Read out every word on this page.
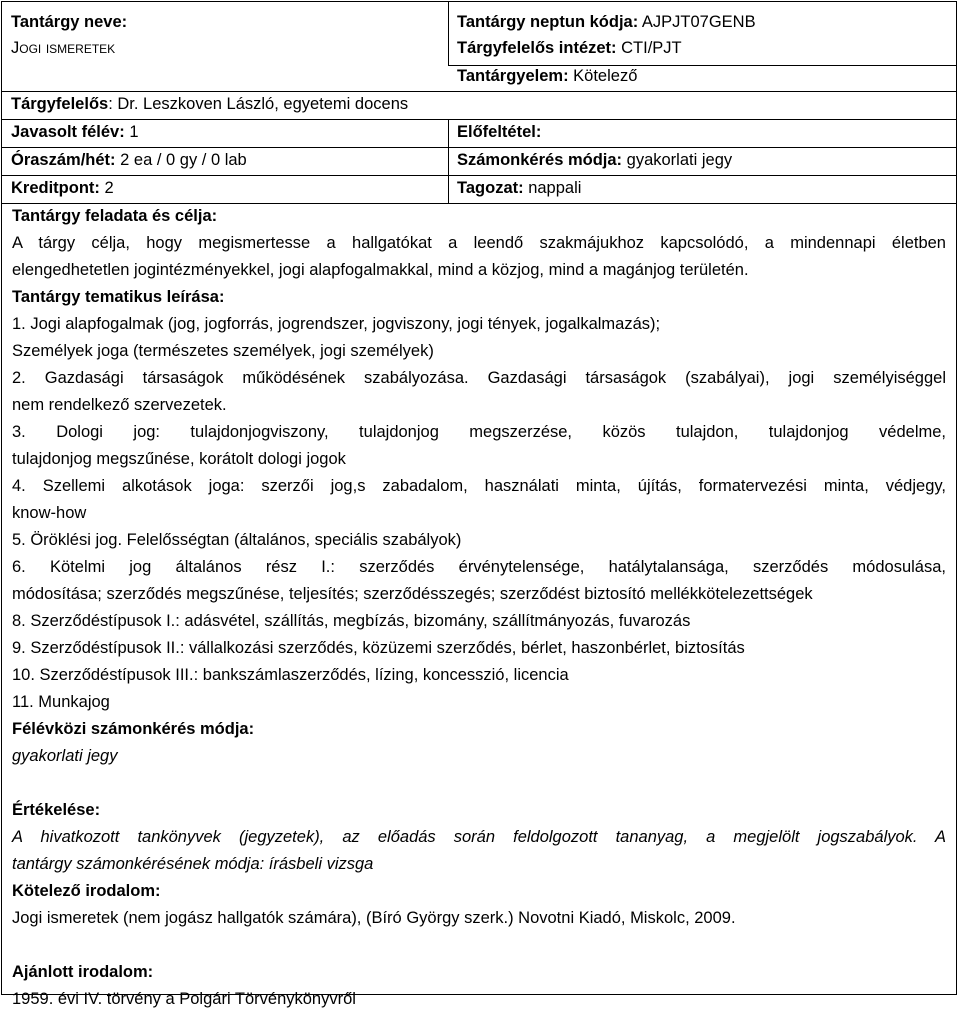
Tantárgy neve:
Jogi ismeretek
Tantárgy neptun kódja: AJPJT07GENB
Tárgyfelelős intézet: CTI/PJT
Tantárgyelem: Kötelező
Tárgyfelelős: Dr. Leszkoven László, egyetemi docens
Javasolt félév: 1	Előfeltétel:
Óraszám/hét: 2 ea / 0 gy / 0 lab	Számonkérés módja: gyakorlati jegy
Kreditpont: 2	Tagozat: nappali
Tantárgy feladata és célja:
A tárgy célja, hogy megismertesse a hallgatókat a leendő szakmájukhoz kapcsolódó, a mindennapi életben
elengedhetetlen jogintézményekkel, jogi alapfogalmakkal, mind a közjog, mind a magánjog területén.
Tantárgy tematikus leírása:
1. Jogi alapfogalmak (jog, jogforrás, jogrendszer, jogviszony, jogi tények, jogalkalmazás);
Személyek joga (természetes személyek, jogi személyek)
2. Gazdasági társaságok működésének szabályozása. Gazdasági társaságok (szabályai), jogi személyiséggel
nem rendelkező szervezetek.
3. Dologi jog: tulajdonjogviszony, tulajdonjog megszerzése, közös tulajdon, tulajdonjog védelme,
tulajdonjog megszűnése, korátolt dologi jogok
4. Szellemi alkotások joga: szerzői jog,s zabadalom, használati minta, újítás, formatervezési minta, védjegy,
know-how
5. Öröklési jog. Felelősségtan (általános, speciális szabályok)
6. Kötelmi jog általános rész I.: szerződés érvénytelensége, hatálytalansága, szerződés módosulása,
módosítása; szerződés megszűnése, teljesítés; szerződésszegés; szerződést biztosító mellékkötelezettségek
8. Szerződéstípusok I.: adásvétel, szállítás, megbízás, bizomány, szállítmányozás, fuvarozás
9. Szerződéstípusok II.: vállalkozási szerződés, közüzemi szerződés, bérlet, haszonbérlet, biztosítás
10. Szerződéstípusok III.: bankszámlaszerződés, lízing, koncesszió, licencia
11. Munkajog
Félévközi számonkérés módja:
gyakorlati jegy
Értékelése:
A hivatkozott tankönyvek (jegyzetek), az előadás során feldolgozott tananyag, a megjelölt jogszabályok. A
tantárgy számonkérésének módja: írásbeli vizsga
Kötelező irodalom:
Jogi ismeretek (nem jogász hallgatók számára), (Bíró György szerk.) Novotni Kiadó, Miskolc, 2009.
Ajánlott irodalom:
1959. évi IV. törvény a Polgári Törvénykönyvről
